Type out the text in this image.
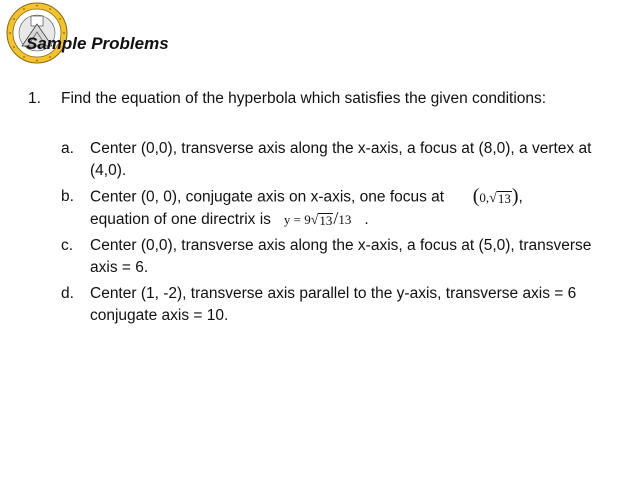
Sample Problems
1. Find the equation of the hyperbola which satisfies the given conditions:
a. Center (0,0), transverse axis along the x-axis, a focus at (8,0), a vertex at (4,0).
b. Center (0, 0), conjugate axis on x-axis, one focus at (0, √ 13 ),
equation of one directrix is y = 9 √ 13 /13 .
c. Center (0,0), transverse axis along the x-axis, a focus at (5,0), transverse axis = 6.
d. Center (1, -2), transverse axis parallel to the y-axis, transverse axis = 6 conjugate axis = 10.
